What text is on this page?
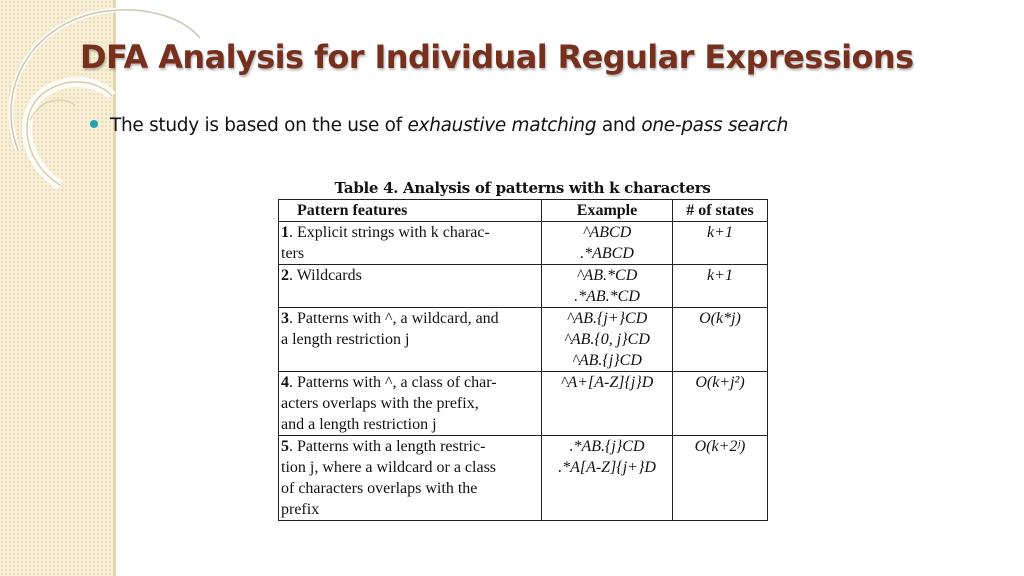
DFA Analysis for Individual Regular Expressions
The study is based on the use of exhaustive matching and one-pass search
Table 4. Analysis of patterns with k characters
Pattern features	Example	# of states

1. Explicit strings with k charac-
ters	^ABCD
.*ABCD	k+1

2. Wildcards	^AB.*CD
.*AB.*CD	k+1

3. Patterns with ^, a wildcard, and
a length restriction j	^AB.{j+}CD
^AB.{0, j}CD
^AB.{j}CD	O(k*j)

4. Patterns with ^, a class of char-
acters overlaps with the prefix,
and a length restriction j	^A+[A-Z]{j}D	O(k+j²)

5. Patterns with a length restric-
tion j, where a wildcard or a class
of characters overlaps with the
prefix	.*AB.{j}CD
.*A[A-Z]{j+}D	O(k+2ʲ)
